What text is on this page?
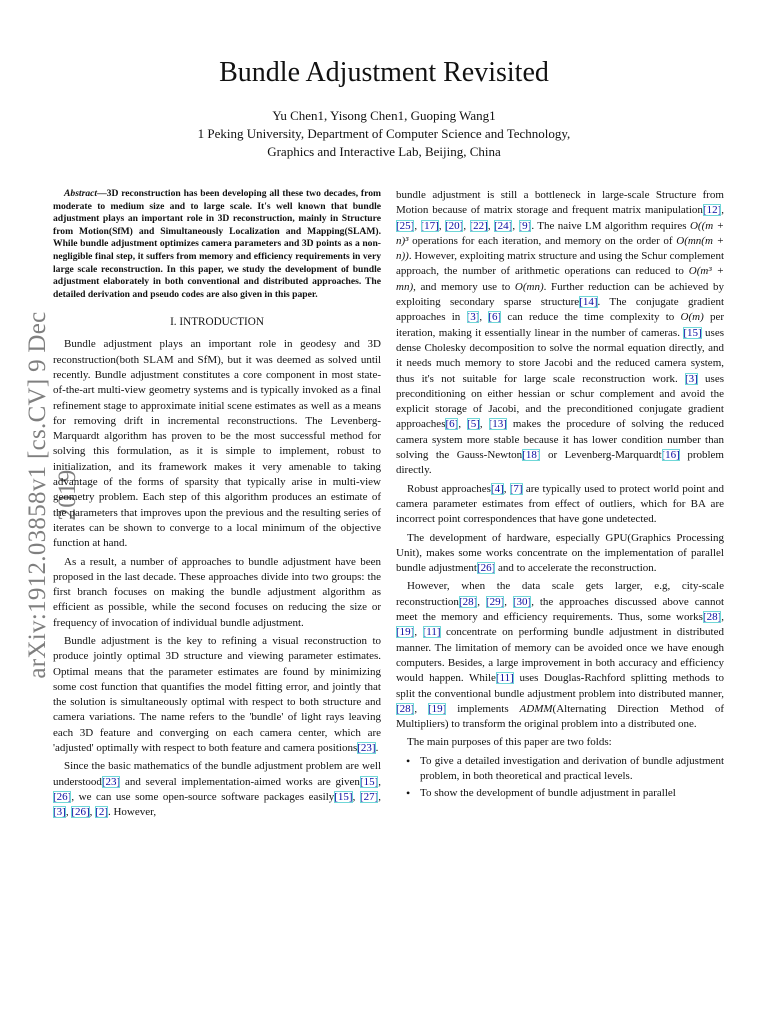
arXiv:1912.03858v1 [cs.CV] 9 Dec 2019
Bundle Adjustment Revisited
Yu Chen1, Yisong Chen1, Guoping Wang1
1 Peking University, Department of Computer Science and Technology,
Graphics and Interactive Lab, Beijing, China

Abstract—3D reconstruction has been developing all these two decades, from moderate to medium size and to large scale. It's well known that bundle adjustment plays an important role in 3D reconstruction, mainly in Structure from Motion(SfM) and Simultaneously Localization and Mapping(SLAM). While bundle adjustment optimizes camera parameters and 3D points as a non-negligible final step, it suffers from memory and efficiency requirements in very large scale reconstruction. In this paper, we study the development of bundle adjustment elaborately in both conventional and distributed approaches. The detailed derivation and pseudo codes are also given in this paper.

I. INTRODUCTION

Bundle adjustment plays an important role in geodesy and 3D reconstruction(both SLAM and SfM), but it was deemed as solved until recently. Bundle adjustment constitutes a core component in most state-of-the-art multi-view geometry systems and is typically invoked as a final refinement stage to approximate initial scene estimates as well as a means for removing drift in incremental reconstructions. The Levenberg-Marquardt algorithm has proven to be the most successful method for solving this formulation, as it is simple to implement, robust to initialization, and its framework makes it very amenable to taking advantage of the forms of sparsity that typically arise in multi-view geometry problem. Each step of this algorithm produces an estimate of the parameters that improves upon the previous and the resulting series of iterates can be shown to converge to a local minimum of the objective function at hand.

As a result, a number of approaches to bundle adjustment have been proposed in the last decade. These approaches divide into two groups: the first branch focuses on making the bundle adjustment algorithm as efficient as possible, while the second focuses on reducing the size or frequency of invocation of individual bundle adjustment.

Bundle adjustment is the key to refining a visual reconstruction to produce jointly optimal 3D structure and viewing parameter estimates. Optimal means that the parameter estimates are found by minimizing some cost function that quantifies the model fitting error, and jointly that the solution is simultaneously optimal with respect to both structure and camera variations. The name refers to the 'bundle' of light rays leaving each 3D feature and converging on each camera center, which are 'adjusted' optimally with respect to both feature and camera positions[23].

Since the basic mathematics of the bundle adjustment problem are well understood[23] and several implementation-aimed works are given[15], [26], we can use some open-source software packages easily[15], [27], [3], [26], [2]. However,

bundle adjustment is still a bottleneck in large-scale Structure from Motion because of matrix storage and frequent matrix manipulation[12], [25], [17], [20], [22], [24], [9]. The naive LM algorithm requires O((m + n)³ operations for each iteration, and memory on the order of O(mn(m + n)). However, exploiting matrix structure and using the Schur complement approach, the number of arithmetic operations can reduced to O(m³ + mn), and memory use to O(mn). Further reduction can be achieved by exploiting secondary sparse structure[14]. The conjugate gradient approaches in [3], [6] can reduce the time complexity to O(m) per iteration, making it essentially linear in the number of cameras. [15] uses dense Cholesky decomposition to solve the normal equation directly, and it needs much memory to store Jacobi and the reduced camera system, thus it's not suitable for large scale reconstruction work. [3] uses preconditioning on either hessian or schur complement and avoid the explicit storage of Jacobi, and the preconditioned conjugate gradient approaches[6], [5], [13] makes the procedure of solving the reduced camera system more stable because it has lower condition number than solving the Gauss-Newton[18] or Levenberg-Marquardt[16] problem directly.

Robust approaches[4], [7] are typically used to protect world point and camera parameter estimates from effect of outliers, which for BA are incorrect point correspondences that have gone undetected.

The development of hardware, especially GPU(Graphics Processing Unit), makes some works concentrate on the implementation of parallel bundle adjustment[26] and to accelerate the reconstruction.

However, when the data scale gets larger, e.g, city-scale reconstruction[28], [29], [30], the approaches discussed above cannot meet the memory and efficiency requirements. Thus, some works[28], [19], [11] concentrate on performing bundle adjustment in distributed manner. The limitation of memory can be avoided once we have enough computers. Besides, a large improvement in both accuracy and efficiency would happen. While[11] uses Douglas-Rachford splitting methods to split the conventional bundle adjustment problem into distributed manner, [28], [19] implements ADMM(Alternating Direction Method of Multipliers) to transform the original problem into a distributed one.

The main purposes of this paper are two folds:

• To give a detailed investigation and derivation of bundle adjustment problem, in both theoretical and practical levels.
• To show the development of bundle adjustment in parallel
